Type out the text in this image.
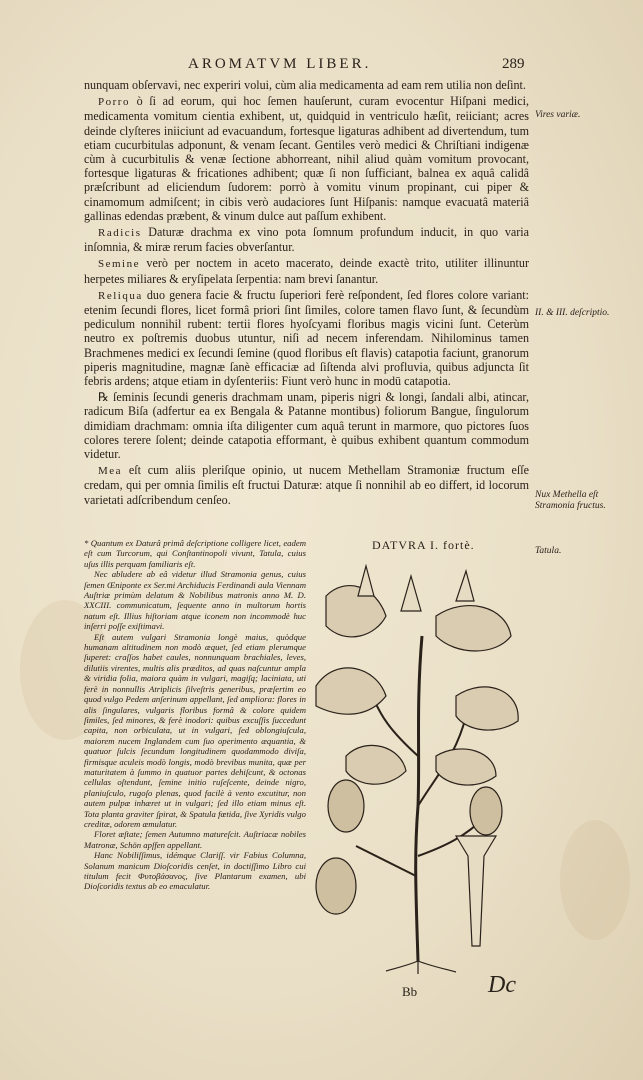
AROMATVM LIBER.	289

nunquam obſervavi, nec experiri volui, cùm alia medicamenta ad eam rem utilia non deſint.

Porro ò ſi ad eorum, qui hoc ſemen hauſerunt, curam evocentur Hiſpani medici, medicamenta vomitum cientia exhibent, ut, quidquid in ventriculo hæſit, reiiciant; acres deinde clyſteres iniiciunt ad evacuandum, fortesque ligaturas adhibent ad divertendum, tum etiam cucurbitulas adponunt, & venam ſecant. Gentiles verò medici & Chriſtiani indigenæ cùm à cucurbitulis & venæ ſectione abhorreant, nihil aliud quàm vomitum provocant, fortesque ligaturas & fricationes adhibent; quæ ſi non ſufficiant, balnea ex aquâ calidâ præſcribunt ad eliciendum ſudorem: porrò à vomitu vinum propinant, cui piper & cinamomum admiſcent; in cibis verò audaciores ſunt Hiſpanis: namque evacuatâ materiâ gallinas edendas præbent, & vinum dulce aut paſſum exhibent.

Radicis Daturæ drachma ex vino pota ſomnum profundum inducit, in quo varia inſomnia, & miræ rerum facies obverſantur.

Semine verò per noctem in aceto macerato, deinde exactè trito, utiliter illinuntur herpetes miliares & eryſipelata ſerpentia: nam brevi ſanantur.

Reliqua duo genera facie & fructu ſuperiori ferè reſpondent, ſed flores colore variant: etenim ſecundi flores, licet formâ priori ſint ſimiles, colore tamen flavo ſunt, & ſecundùm pediculum nonnihil rubent: tertii flores hyoſcyami floribus magis vicini ſunt. Ceterùm neutro ex poſtremis duobus utuntur, niſi ad necem inferendam. Nihilominus tamen Brachmenes medici ex ſecundi ſemine (quod floribus eſt flavis) catapotia faciunt, granorum piperis magnitudine, magnæ ſanè efficaciæ ad ſiſtenda alvi profluvia, quibus adjuncta ſit febris ardens; atque etiam in dyſenteriis: Fiunt verò hunc in modū catapotia.

℞ ſeminis ſecundi generis drachmam unam, piperis nigri & longi, ſandali albi, atincar, radicum Biſa (adfertur ea ex Bengala & Patanne montibus) foliorum Bangue, ſingulorum dimidiam drachmam: omnia iſta diligenter cum aquâ terunt in marmore, quo pictores ſuos colores terere ſolent; deinde catapotia efformant, è quibus exhibent quantum commodum videtur.

Mea eſt cum aliis pleriſque opinio, ut nucem Methellam Stramoniæ fructum eſſe credam, qui per omnia ſimilis eſt fructui Daturæ: atque ſi nonnihil ab eo differt, id locorum varietati adſcribendum cenſeo.

Vires variæ.
II. & III. deſcriptio.
Nux Methella eſt Stramonia fructus.
Tatula.

* Quantum ex Daturâ primâ deſcriptione colligere licet, eadem eſt cum Turcorum, qui Conſtantinopoli vivunt, Tatula, cuius uſus illis perquam familiaris eſt.

Nec abludere ab eâ videtur illud Stramonia genus, cuius ſemen Œniponte ex Ser.mi Archiducis Ferdinandi aula Viennam Auſtriæ primùm delatum & Nobilibus matronis anno M. D. XXCIII. communicatum, ſequente anno in multorum hortis natum eſt. Illius hiſtoriam atque iconem non incommodè huc inſerri poſſe exiſtimavi.

Eſt autem vulgari Stramonia longè maius, quòdque humanam altitudinem non modò æquet, ſed etiam plerumque ſuperet: craſſos habet caules, nonnunquam brachiales, leves, dilutiis virentes, multis alis præditos, ad quas naſcuntur ampla & viridia folia, maiora quàm in vulgari, magiſq; laciniata, uti ferè in nonnullis Atriplicis ſilveſtris generibus, præſertim eo quod vulgo Pedem anſerinum appellant, ſed ampliora: flores in alis ſingulares, vulgaris floribus formâ & colore quidem ſimiles, ſed minores, & ferè inodori: quibus excuſſis ſuccedunt capita, non orbiculata, ut in vulgari, ſed oblongiuſcula, maiorem nucem Inglandem cum ſuo operimento æquantia, & quatuor ſulcis ſecundum longitudinem quodammodo diviſa, firmisque aculeis modò longis, modò brevibus munita, quæ per maturitatem à ſummo in quatuor partes dehiſcunt, & octonas cellulas oſtendunt, ſemine initio ruſeſcente, deinde nigro, planiuſculo, rugoſo plenas, quod facilè à vento excutitur, non autem pulpæ inhæret ut in vulgari; ſed illo etiam minus eſt. Tota planta graviter ſpirat, & Spatula fœtida, ſive Xyridis vulgo creditæ, odorem æmulatur.

Floret æſtate; ſemen Autumno matureſcit. Auſtriacæ nobiles Matronæ, Schön apſfen appellant.

Hanc Nobiliſſimus, idémque Clariſſ. vir Fabius Columna, Solanum manicum Dioſcoridis cenſet, in doctiſſimo Libro cui titulum fecit Φυτοβάσανος, ſive Plantarum examen, ubi Dioſcoridis textus ab eo emaculatur.

DATVRA I. fortè.
Bb	Dc
